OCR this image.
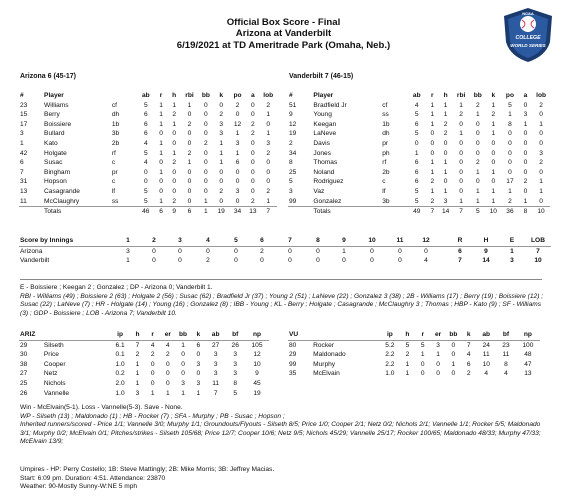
Official Box Score - Final
Arizona at Vanderbilt
6/19/2021 at TD Ameritrade Park (Omaha, Neb.)
NCAA
COLLEGE
WORLD SERIES
Arizona 6 (45-17)	Vanderbilt 7 (46-15)
#	Player		ab	r	h	rbi	bb	k	po	a	lob
23	Williams	cf	5	1	1	1	0	0	2	0	2
15	Berry	dh	6	1	2	0	0	2	0	0	1
17	Boissiere	1b	6	1	1	2	0	3	12	2	0
3	Bullard	3b	6	0	0	0	0	3	1	2	1
1	Kato	2b	4	1	0	0	2	1	3	0	3
42	Holgate	rf	5	1	1	2	0	1	1	0	2
6	Susac	c	4	0	2	1	0	1	6	0	0
7	Bingham	pr	0	1	0	0	0	0	0	0	0
31	Hopson	c	0	0	0	0	0	0	0	0	0
13	Casagrande	lf	5	0	0	0	0	2	3	0	2
11	McClaughry	ss	5	1	2	0	1	0	0	2	1
	Totals		46	6	9	6	1	19	34	13	7
#	Player		ab	r	h	rbi	bb	k	po	a	lob
51	Bradfield Jr	cf	4	1	1	1	2	1	5	0	2
9	Young	ss	5	1	1	2	1	2	1	3	0
12	Keegan	1b	6	1	2	0	0	1	8	1	1
19	LaNeve	dh	5	0	2	1	0	1	0	0	0
2	Davis	pr	0	0	0	0	0	0	0	0	0
34	Jones	ph	1	0	0	0	0	0	0	0	3
8	Thomas	rf	6	1	1	0	2	0	0	0	2
25	Noland	2b	6	1	1	0	1	1	0	0	0
5	Rodriguez	c	6	2	0	0	0	0	17	2	1
3	Vaz	lf	5	1	1	0	1	1	1	0	1
99	Gonzalez	3b	5	2	3	1	1	1	2	1	0
	Totals		49	7	14	7	5	10	36	8	10
Score by Innings	1	2	3	4	5	6	7	8	9	10	11	12		R	H	E	LOB
Arizona	3	0	0	0	0	2	0	0	1	0	0	0		6	9	1	7
Vanderbilt	1	0	0	2	0	0	0	0	0	0	0	4		7	14	3	10

E - Boissiere ; Keegan 2 ; Gonzalez ; DP - Arizona 0; Vanderbilt 1.

RBI - Williams (49) ; Boissiere 2 (63) ; Holgate 2 (56) ; Susac (62) ; Bradfield Jr (37) ; Young 2 (51) ; LaNeve (22) ; Gonzalez 3 (38) ; 2B - Williams (17) ; Berry (19) ; Boissiere (12) ; Susac (22) ; LaNeve (7) ; HR - Holgate (14) ; Young (16) ; Gonzalez (8) ; IBB - Young ; KL - Berry ; Holgate ; Casagrande ; McClaughry 3 ; Thomas ; HBP - Kato (9) ; SF - Williams (3) ; GDP - Boissiere ; LOB - Arizona 7; Vanderbilt 10.

ARIZ		ip	h	r	er	bb	k	ab	bf	np
29	Silseth	6.1	7	4	4	1	6	27	26	105
30	Price	0.1	2	2	2	0	0	3	3	12
38	Cooper	1.0	1	0	0	0	3	3	3	10
27	Netz	0.2	1	0	0	0	0	3	3	9
25	Nichols	2.0	1	0	0	3	3	11	8	45
26	Vannelle	1.0	3	1	1	1	1	7	5	19
VU		ip	h	r	er	bb	k	ab	bf	np
80	Rocker	5.2	5	5	3	0	7	24	23	100
29	Maldonado	2.2	2	1	1	0	4	11	11	48
99	Murphy	2.2	1	0	0	1	6	10	8	47
35	McElvain	1.0	1	0	0	0	2	4	4	13

Win - McElvain(5-1). Loss - Vannelle(5-3). Save - None.

WP - Silseth (13) ; Maldonado (1) ; HB - Rocker (7) ; SFA - Murphy ; PB - Susac ; Hopson ;

Inherited runners/scored - Price 1/1; Vannelle 3/0; Murphy 1/1; Groundouts/Flyouts - Silseth 8/5; Price 1/0; Cooper 2/1; Netz 0/2; Nichols 2/1; Vannelle 1/1; Rocker 5/5; Maldonado 3/1; Murphy 0/2; McElvain 0/1; Pitches/strikes - Silseth 105/68; Price 12/7; Cooper 10/6; Netz 9/5; Nichols 45/29; Vannelle 25/17; Rocker 100/65; Maldonado 48/33; Murphy 47/33; McElvain 13/9;

Umpires - HP: Perry Costello; 1B: Steve Mattingly; 2B: Mike Morris; 3B: Jeffrey Macias.

Start: 6:09 pm. Duration: 4:51. Attendance: 23870

Weather: 90-Mostly Sunny-W:NE 5 mph
